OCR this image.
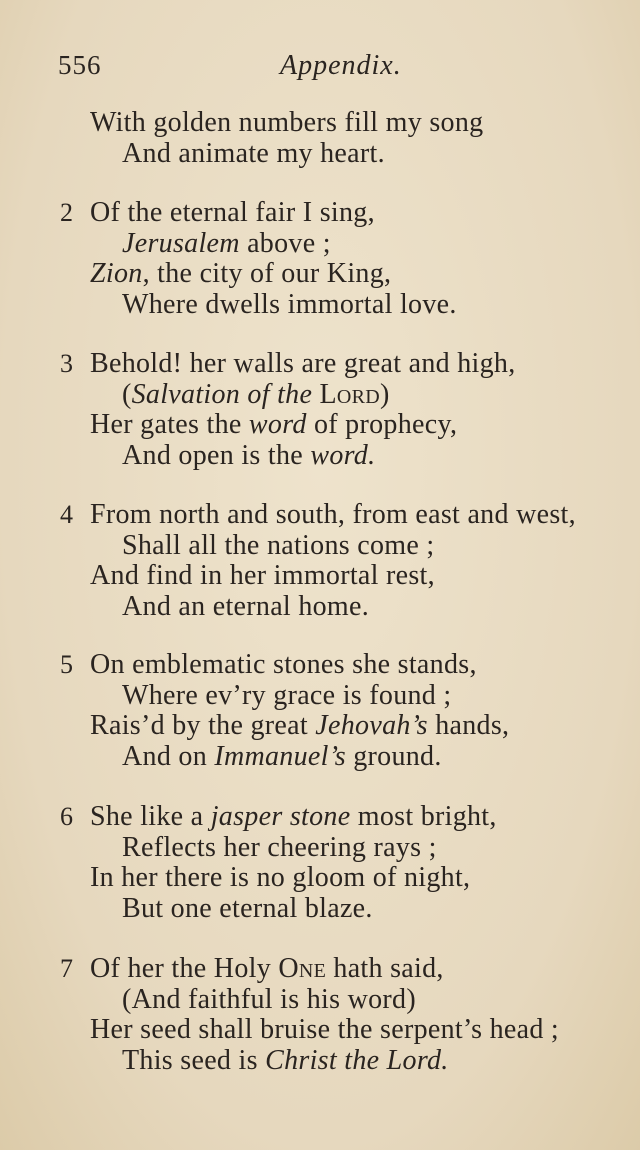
556	Appendix.
With golden numbers fill my song
And animate my heart.
2 Of the eternal fair I sing,
Jerusalem above ;
Zion, the city of our King,
Where dwells immortal love.
3 Behold! her walls are great and high,
(Salvation of the Lord)
Her gates the word of prophecy,
And open is the word.
4 From north and south, from east and west,
Shall all the nations come ;
And find in her immortal rest,
And an eternal home.
5 On emblematic stones she stands,
Where ev’ry grace is found ;
Rais’d by the great Jehovah’s hands,
And on Immanuel’s ground.
6 She like a jasper stone most bright,
Reflects her cheering rays ;
In her there is no gloom of night,
But one eternal blaze.
7 Of her the Holy One hath said,
(And faithful is his word)
Her seed shall bruise the serpent’s head ;
This seed is Christ the Lord.
